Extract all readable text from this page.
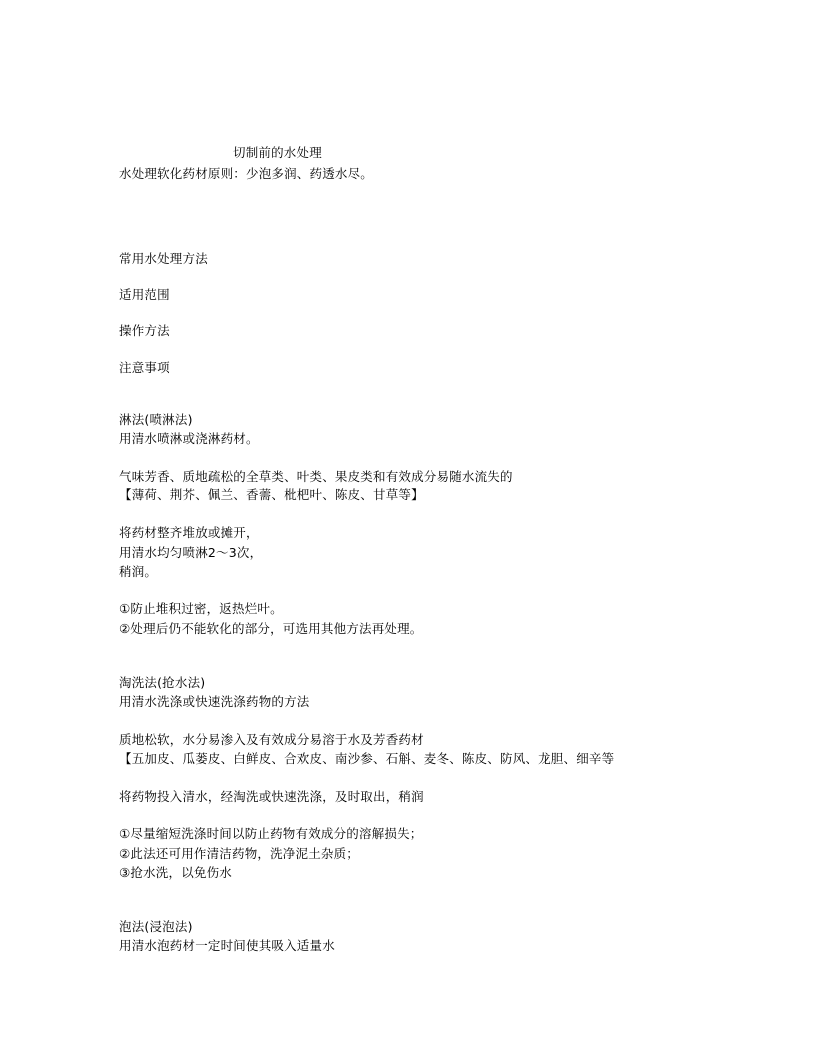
切制前的水处理
水处理软化药材原则：少泡多润、药透水尽。
常用水处理方法
适用范围
操作方法
注意事项
淋法(喷淋法)
用清水喷淋或浇淋药材。
气味芳香、质地疏松的全草类、叶类、果皮类和有效成分易随水流失的
【薄荷、荆芥、佩兰、香薷、枇杷叶、陈皮、甘草等】
将药材整齐堆放或摊开，
用清水均匀喷淋2～3次，
稍润。
①防止堆积过密，返热烂叶。
②处理后仍不能软化的部分，可选用其他方法再处理。
淘洗法(抢水法)
用清水洗涤或快速洗涤药物的方法
质地松软，水分易渗入及有效成分易溶于水及芳香药材
【五加皮、瓜蒌皮、白鲜皮、合欢皮、南沙参、石斛、麦冬、陈皮、防风、龙胆、细辛等
将药物投入清水，经淘洗或快速洗涤，及时取出，稍润
①尽量缩短洗涤时间以防止药物有效成分的溶解损失；
②此法还可用作清洁药物，洗净泥土杂质；
③抢水洗，以免伤水
泡法(浸泡法)
用清水泡药材一定时间使其吸入适量水
